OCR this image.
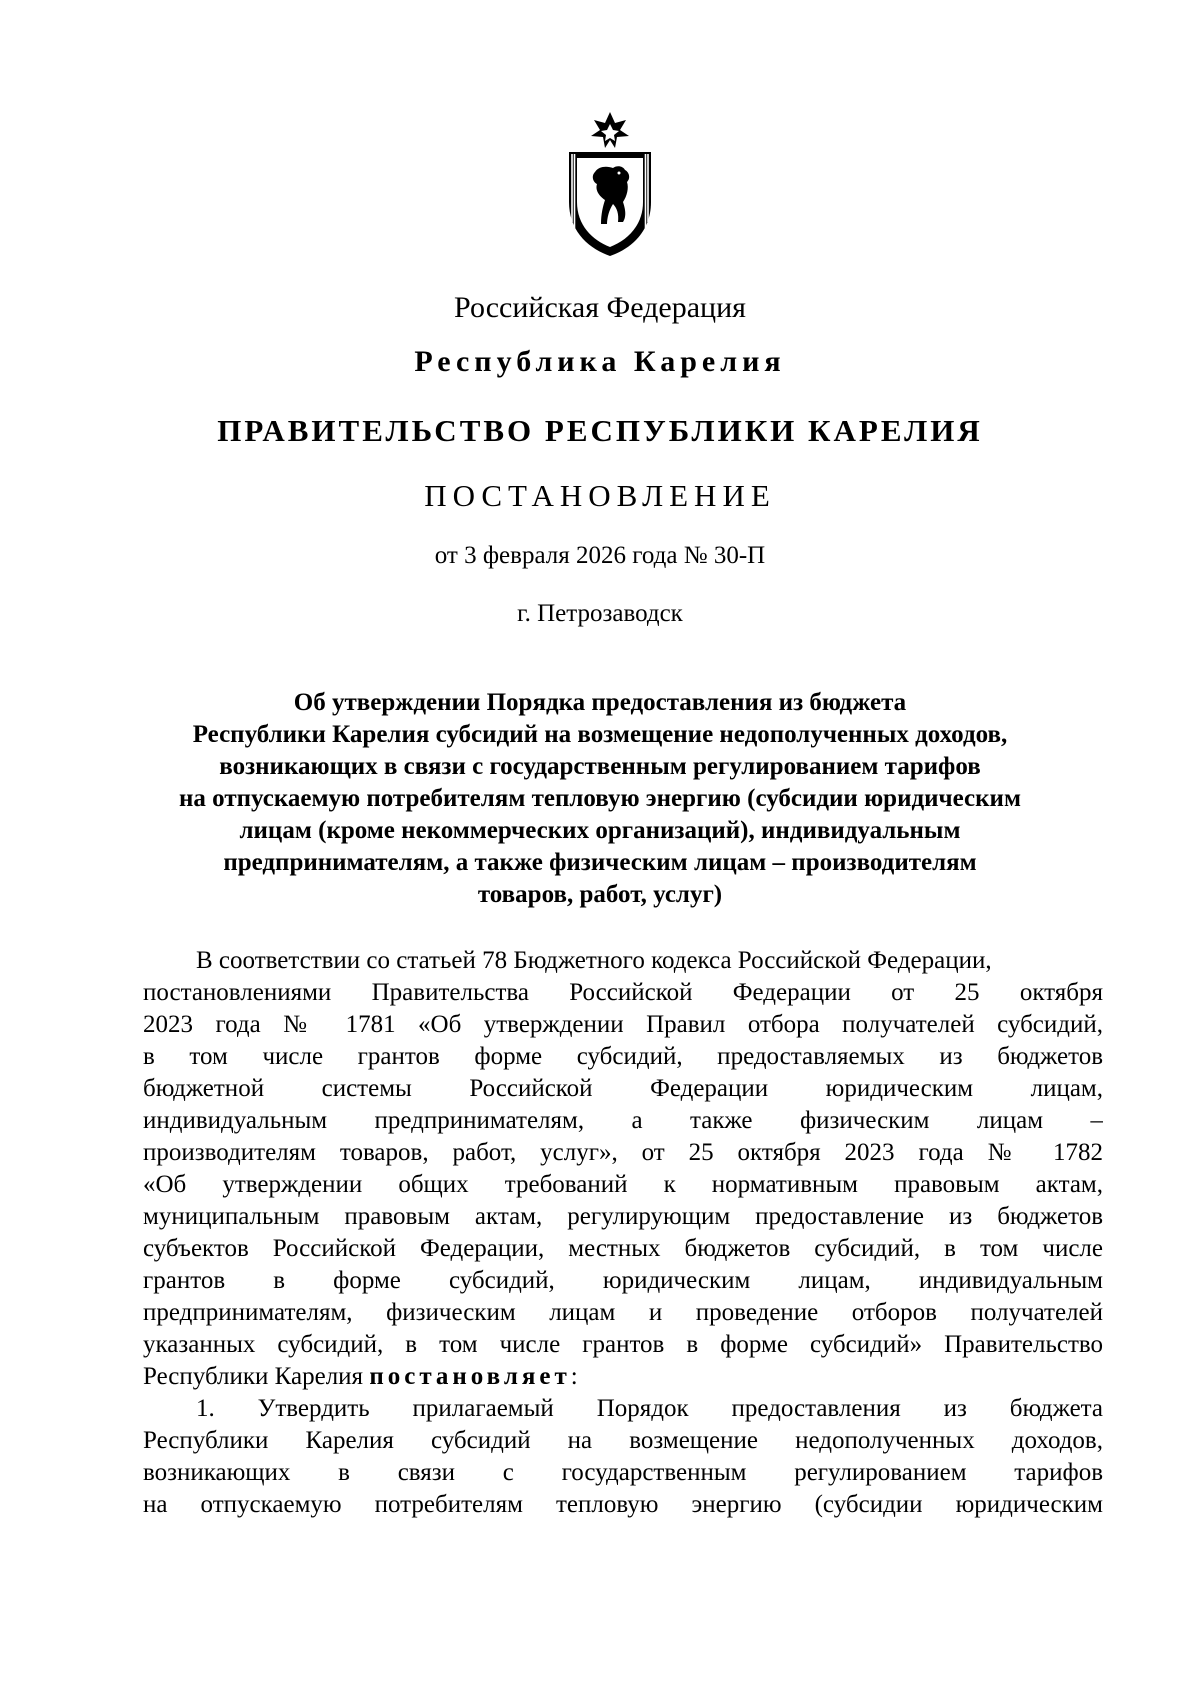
Российская Федерация
Республика Карелия
ПРАВИТЕЛЬСТВО РЕСПУБЛИКИ КАРЕЛИЯ
ПОСТАНОВЛЕНИЕ
от 3 февраля 2026 года № 30-П
г. Петрозаводск
Об утверждении Порядка предоставления из бюджета
Республики Карелия субсидий на возмещение недополученных доходов,
возникающих в связи с государственным регулированием тарифов
на отпускаемую потребителям тепловую энергию (субсидии юридическим
лицам (кроме некоммерческих организаций), индивидуальным
предпринимателям, а также физическим лицам – производителям
товаров, работ, услуг)
В соответствии со статьей 78 Бюджетного кодекса Российской Федерации,
постановлениями Правительства Российской Федерации от 25 октября
2023 года № 1781 «Об утверждении Правил отбора получателей субсидий,
в том числе грантов форме субсидий, предоставляемых из бюджетов
бюджетной системы Российской Федерации юридическим лицам,
индивидуальным предпринимателям, а также физическим лицам –
производителям товаров, работ, услуг», от 25 октября 2023 года № 1782
«Об утверждении общих требований к нормативным правовым актам,
муниципальным правовым актам, регулирующим предоставление из бюджетов
субъектов Российской Федерации, местных бюджетов субсидий, в том числе
грантов в форме субсидий, юридическим лицам, индивидуальным
предпринимателям, физическим лицам и проведение отборов получателей
указанных субсидий, в том числе грантов в форме субсидий» Правительство
Республики Карелия постановляет:
1. Утвердить прилагаемый Порядок предоставления из бюджета
Республики Карелия субсидий на возмещение недополученных доходов,
возникающих в связи с государственным регулированием тарифов
на отпускаемую потребителям тепловую энергию (субсидии юридическим
